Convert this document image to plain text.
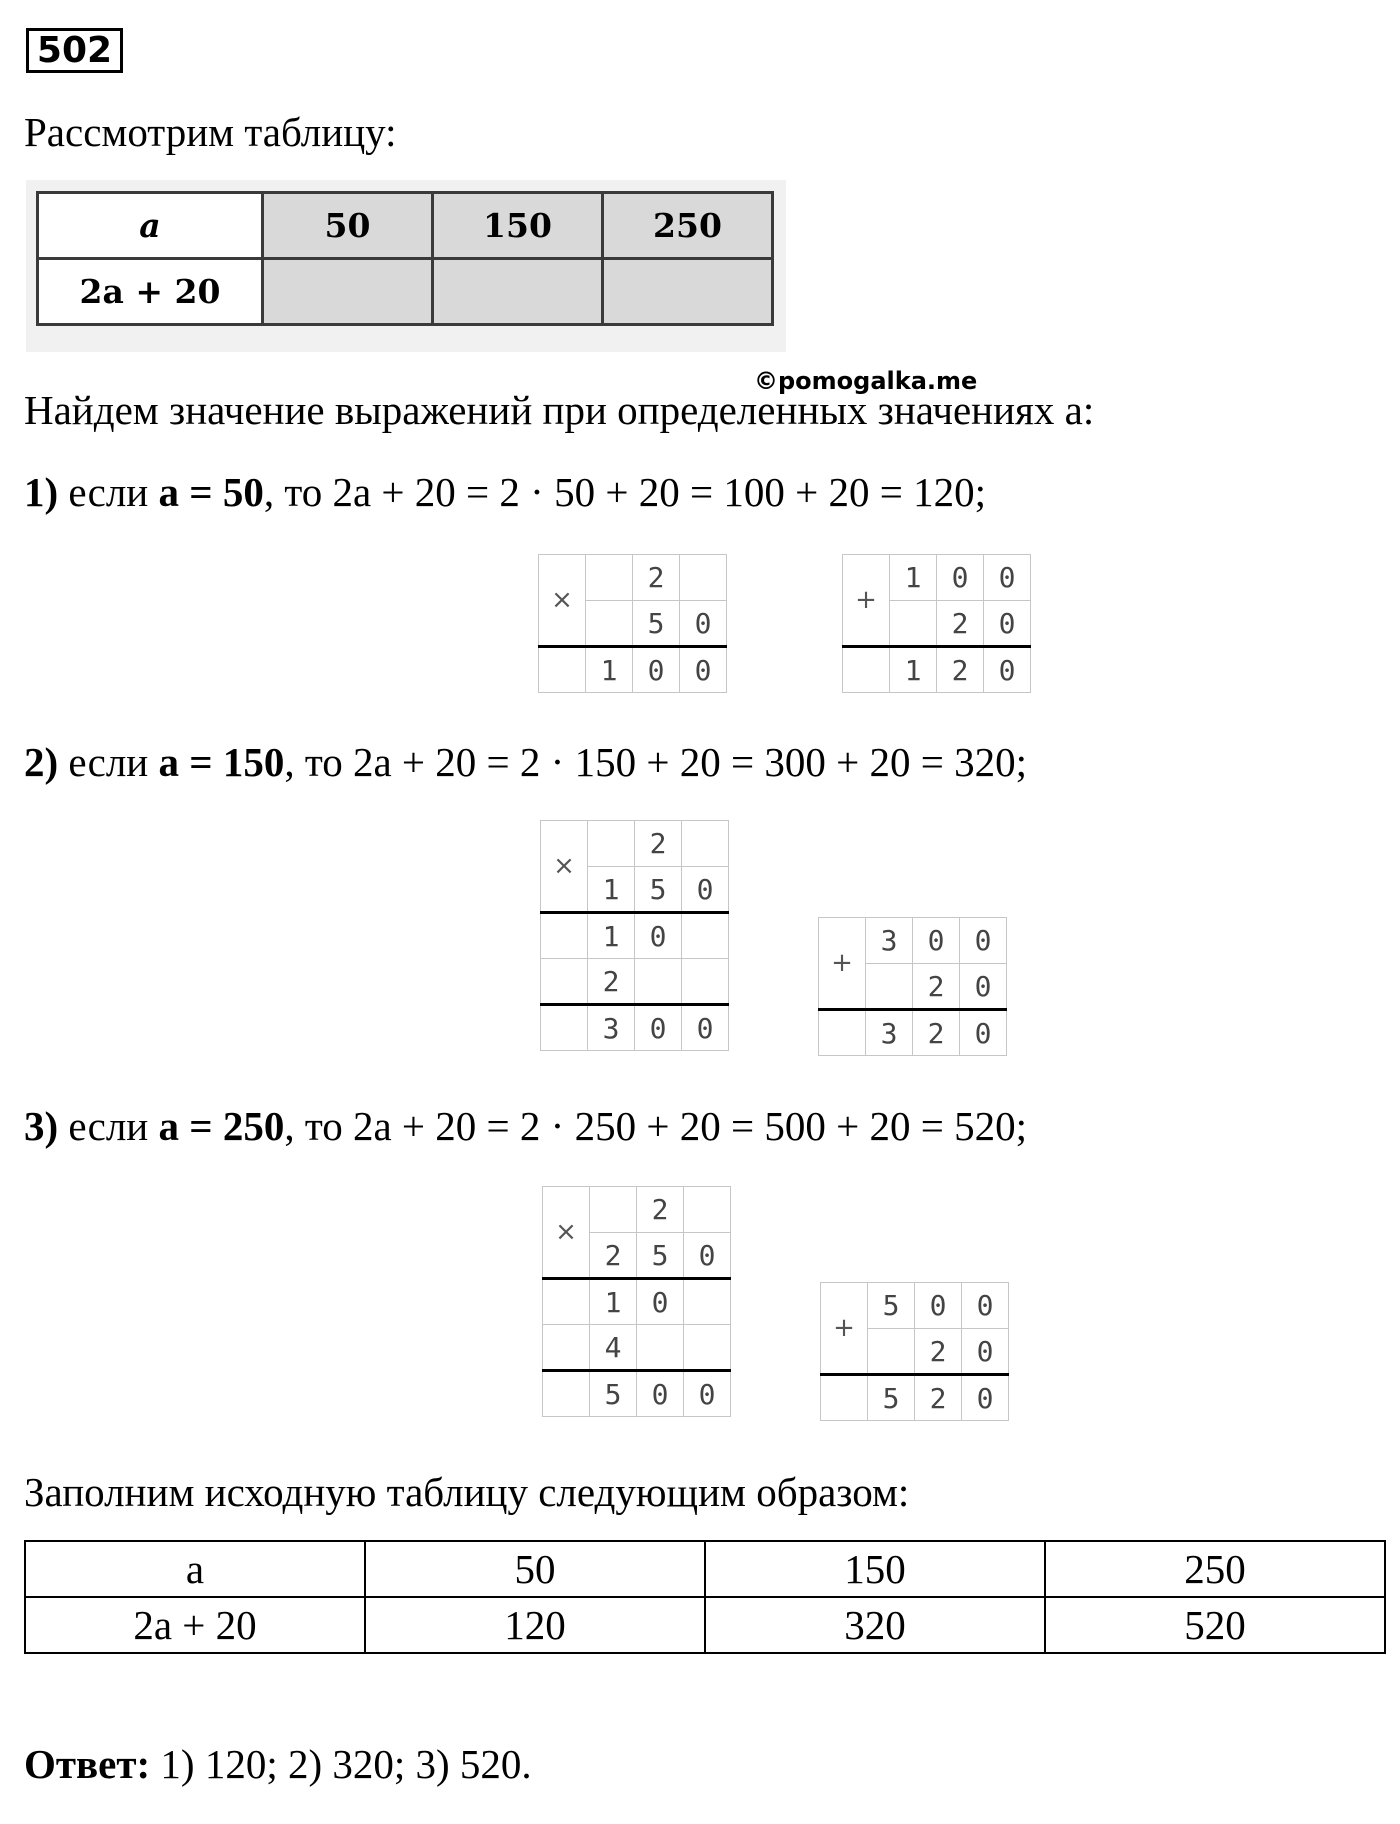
502
Рассмотрим таблицу:
a	50	150	250
2a + 20			
©pomogalka.me
Найдем значение выражений при определенных значениях а:
1) если а = 50, то 2а + 20 = 2 · 50 + 20 = 100 + 20 = 120;
×		2	
		5	0
	1	0	0
+	1	0	0
		2	0
	1	2	0
2) если а = 150, то 2а + 20 = 2 · 150 + 20 = 300 + 20 = 320;
×		2	
	1	5	0
	1	0	
	2		
	3	0	0
+	3	0	0
		2	0
	3	2	0
3) если а = 250, то 2а + 20 = 2 · 250 + 20 = 500 + 20 = 520;
×		2	
	2	5	0
	1	0	
	4		
	5	0	0
+	5	0	0
		2	0
	5	2	0
Заполним исходную таблицу следующим образом:
а	50	150	250
2а + 20	120	320	520
Ответ: 1) 120; 2) 320; 3) 520.
